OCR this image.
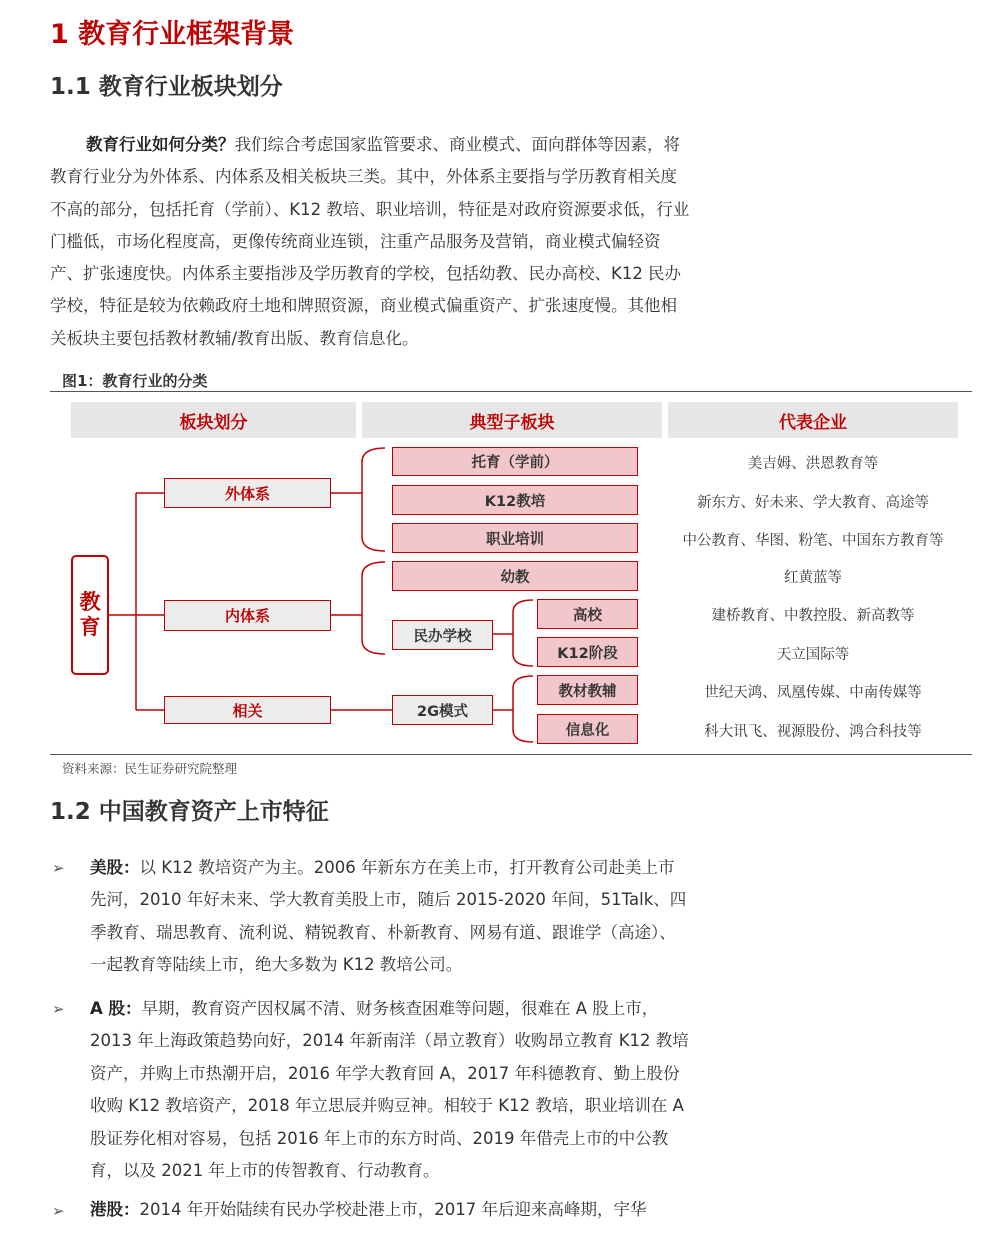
1 教育行业框架背景
1.1 教育行业板块划分
教育行业如何分类？我们综合考虑国家监管要求、商业模式、面向群体等因素，将教育行业分为外体系、内体系及相关板块三类。其中，外体系主要指与学历教育相关度不高的部分，包括托育（学前）、K12 教培、职业培训，特征是对政府资源要求低，行业门槛低，市场化程度高，更像传统商业连锁，注重产品服务及营销，商业模式偏轻资产、扩张速度快。内体系主要指涉及学历教育的学校，包括幼教、民办高校、K12 民办学校，特征是较为依赖政府土地和牌照资源，商业模式偏重资产、扩张速度慢。其他相关板块主要包括教材教辅/教育出版、教育信息化。
图1：教育行业的分类
板块划分	典型子板块	代表企业
教
育
外体系
内体系
相关
托育（学前）
K12教培
职业培训
幼教
民办学校
高校
K12阶段
2G模式
教材教辅
信息化
美吉姆、洪恩教育等
新东方、好未来、学大教育、高途等
中公教育、华图、粉笔、中国东方教育等
红黄蓝等
建桥教育、中教控股、新高教等
天立国际等
世纪天鸿、凤凰传媒、中南传媒等
科大讯飞、视源股份、鸿合科技等
资料来源：民生证券研究院整理
1.2 中国教育资产上市特征
➢ 美股：以 K12 教培资产为主。2006 年新东方在美上市，打开教育公司赴美上市先河，2010 年好未来、学大教育美股上市，随后 2015-2020 年间，51Talk、四季教育、瑞思教育、流利说、精锐教育、朴新教育、网易有道、跟谁学（高途）、一起教育等陆续上市，绝大多数为 K12 教培公司。
➢ A 股：早期，教育资产因权属不清、财务核查困难等问题，很难在 A 股上市，2013 年上海政策趋势向好，2014 年新南洋（昂立教育）收购昂立教育 K12 教培资产，并购上市热潮开启，2016 年学大教育回 A，2017 年科德教育、勤上股份收购 K12 教培资产，2018 年立思辰并购豆神。相较于 K12 教培，职业培训在 A 股证券化相对容易，包括 2016 年上市的东方时尚、2019 年借壳上市的中公教育，以及 2021 年上市的传智教育、行动教育。
➢ 港股：2014 年开始陆续有民办学校赴港上市，2017 年后迎来高峰期，宇华
